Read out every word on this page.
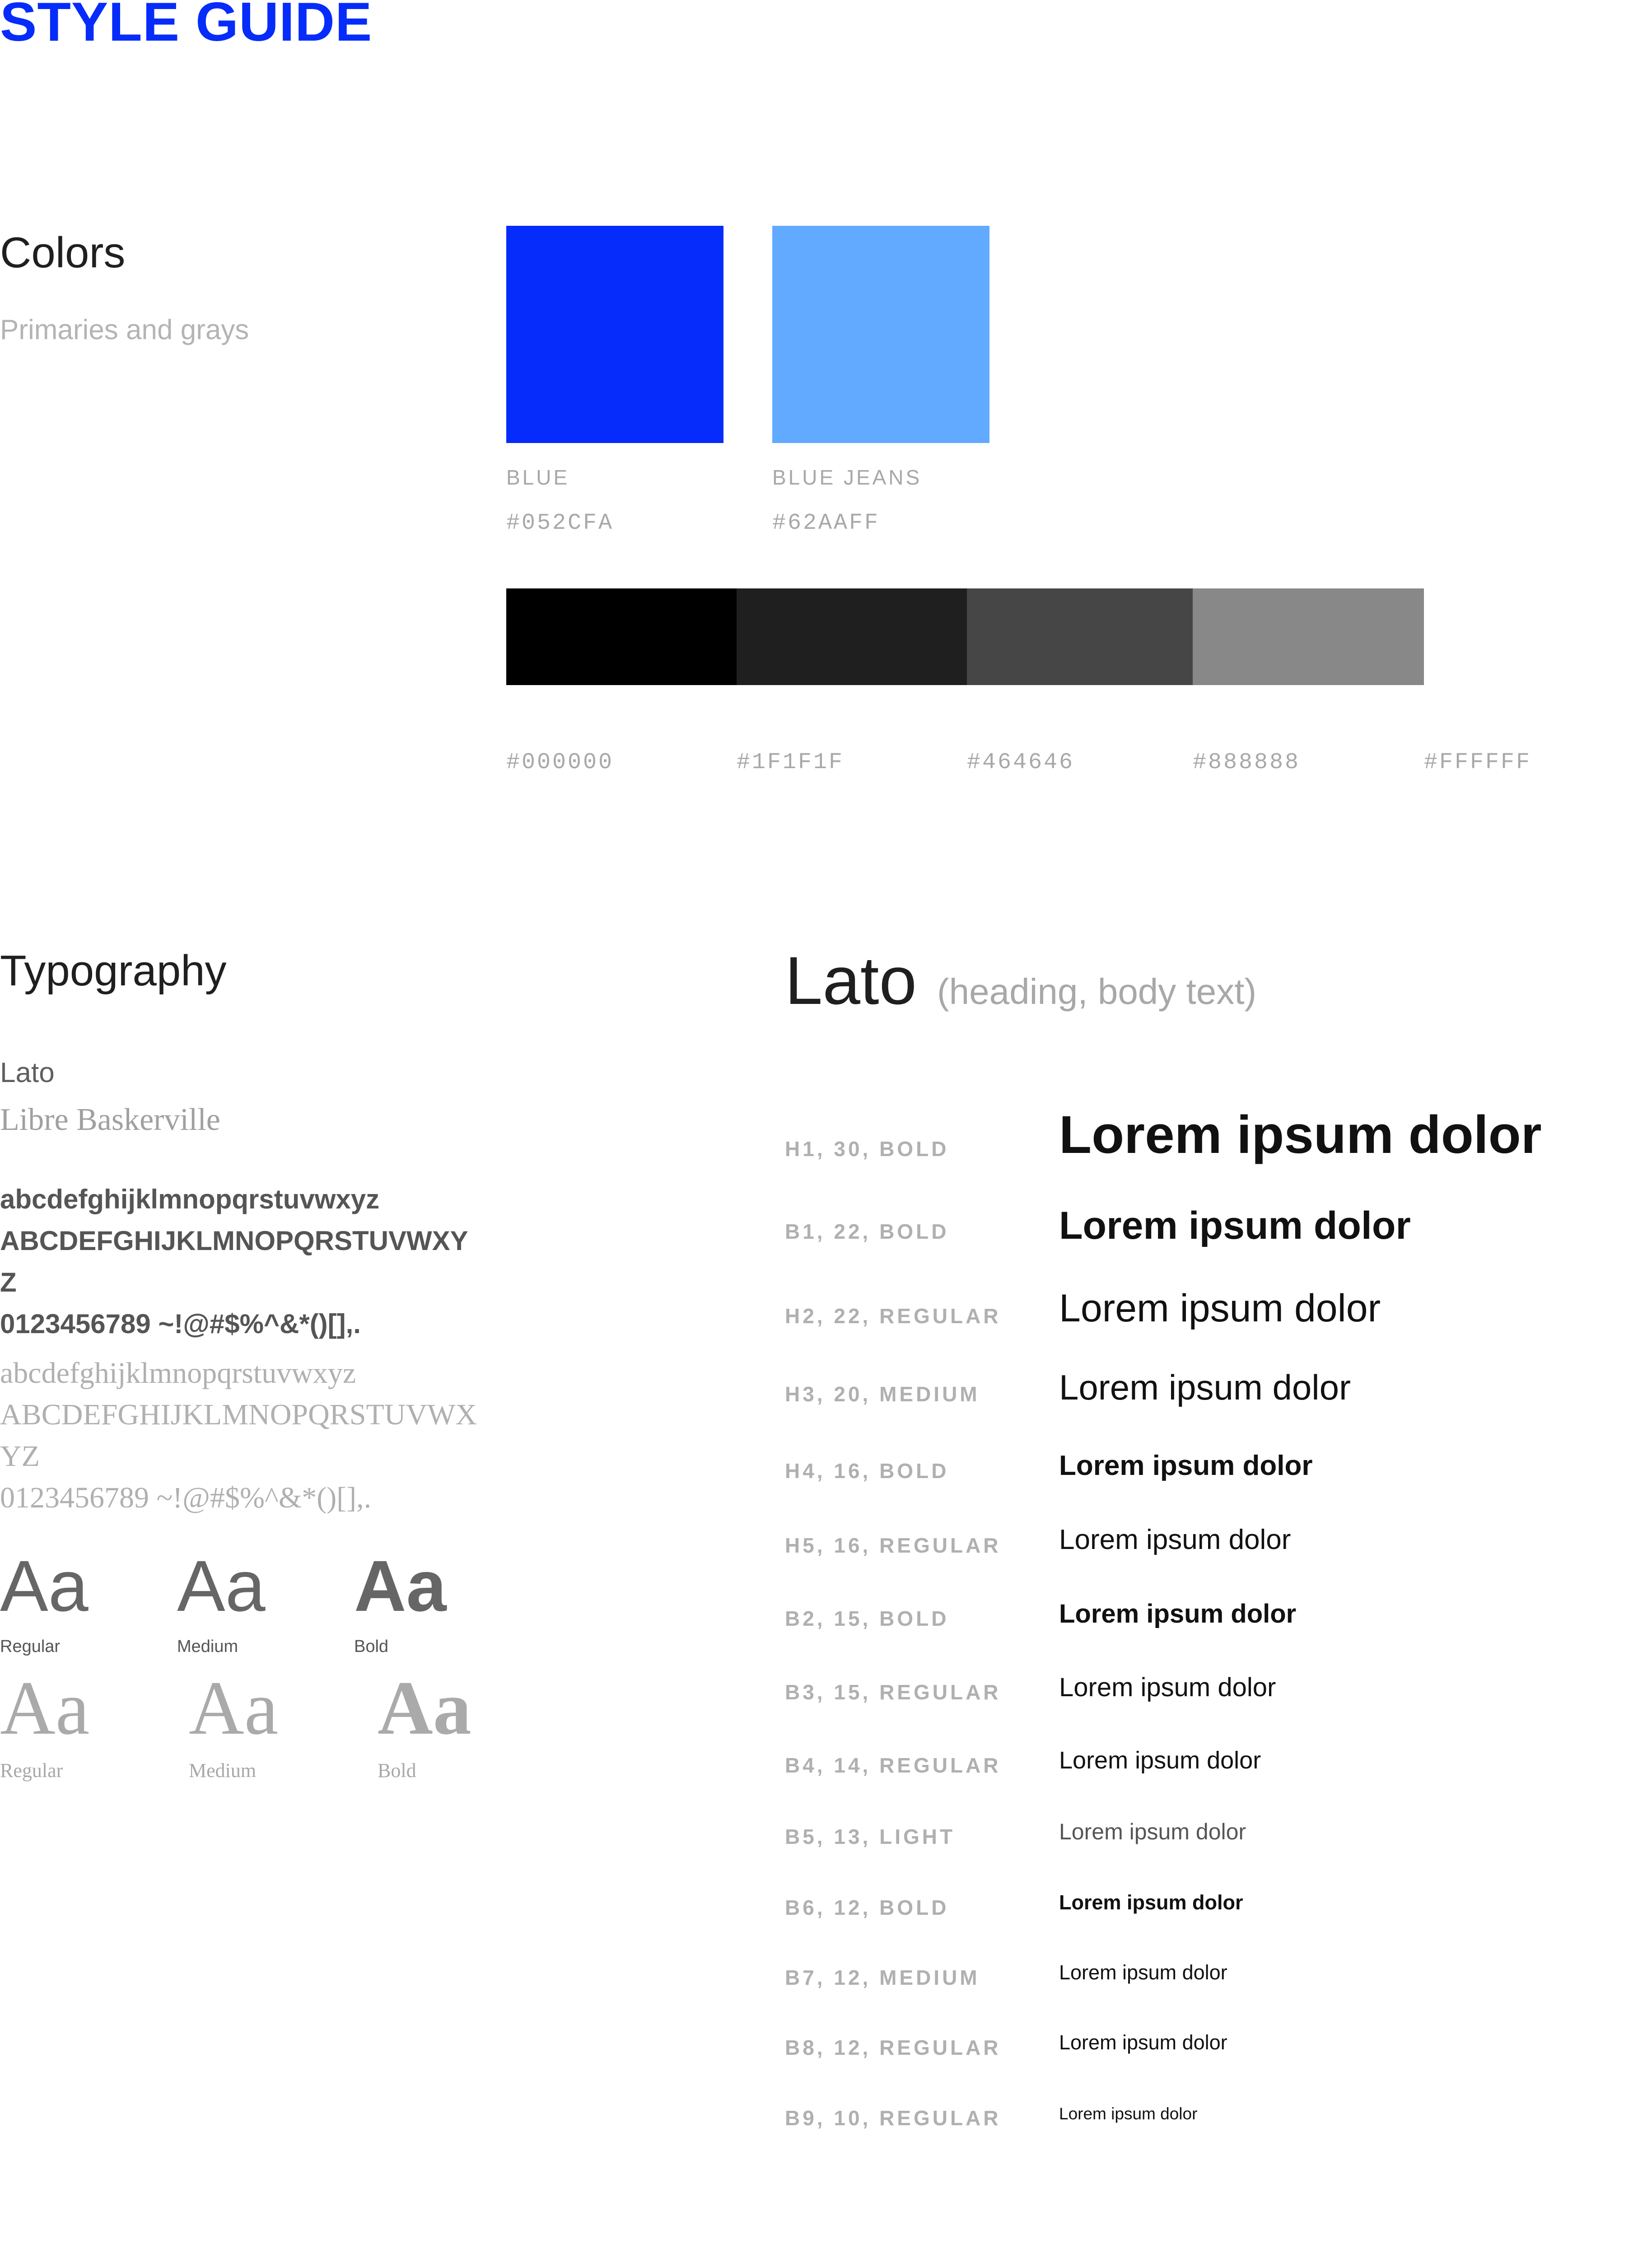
STYLE GUIDE
Colors
Primaries and grays
BLUE
#052CFA
BLUE JEANS
#62AAFF
#000000	#1F1F1F	#464646	#888888	#FFFFFF
Typography
Lato
Libre Baskerville
abcdefghijklmnopqrstuvwxyz
ABCDEFGHIJKLMNOPQRSTUVWXYZ
0123456789 ~!@#$%^&*()[],.
abcdefghijklmnopqrstuvwxyz
ABCDEFGHIJKLMNOPQRSTUVWXYZ
0123456789 ~!@#$%^&*()[],.
Aa Aa Aa
Regular	Medium	Bold
Aa Aa Aa
Regular	Medium	Bold
Lato (heading, body text)
H1, 30, BOLD Lorem ipsum dolor
B1, 22, BOLD	Lorem ipsum dolor
H2, 22, REGULAR Lorem ipsum dolor
H3, 20, MEDIUM Lorem ipsum dolor
H4, 16, BOLD	Lorem ipsum dolor
H5, 16, REGULAR Lorem ipsum dolor
B2, 15, BOLD	Lorem ipsum dolor
B3, 15, REGULAR Lorem ipsum dolor
B4, 14, REGULAR Lorem ipsum dolor
B5, 13, LIGHT	Lorem ipsum dolor
B6, 12, BOLD	Lorem ipsum dolor
B7, 12, MEDIUM	Lorem ipsum dolor
B8, 12, REGULAR	Lorem ipsum dolor
B9, 10, REGULAR	Lorem ipsum dolor
